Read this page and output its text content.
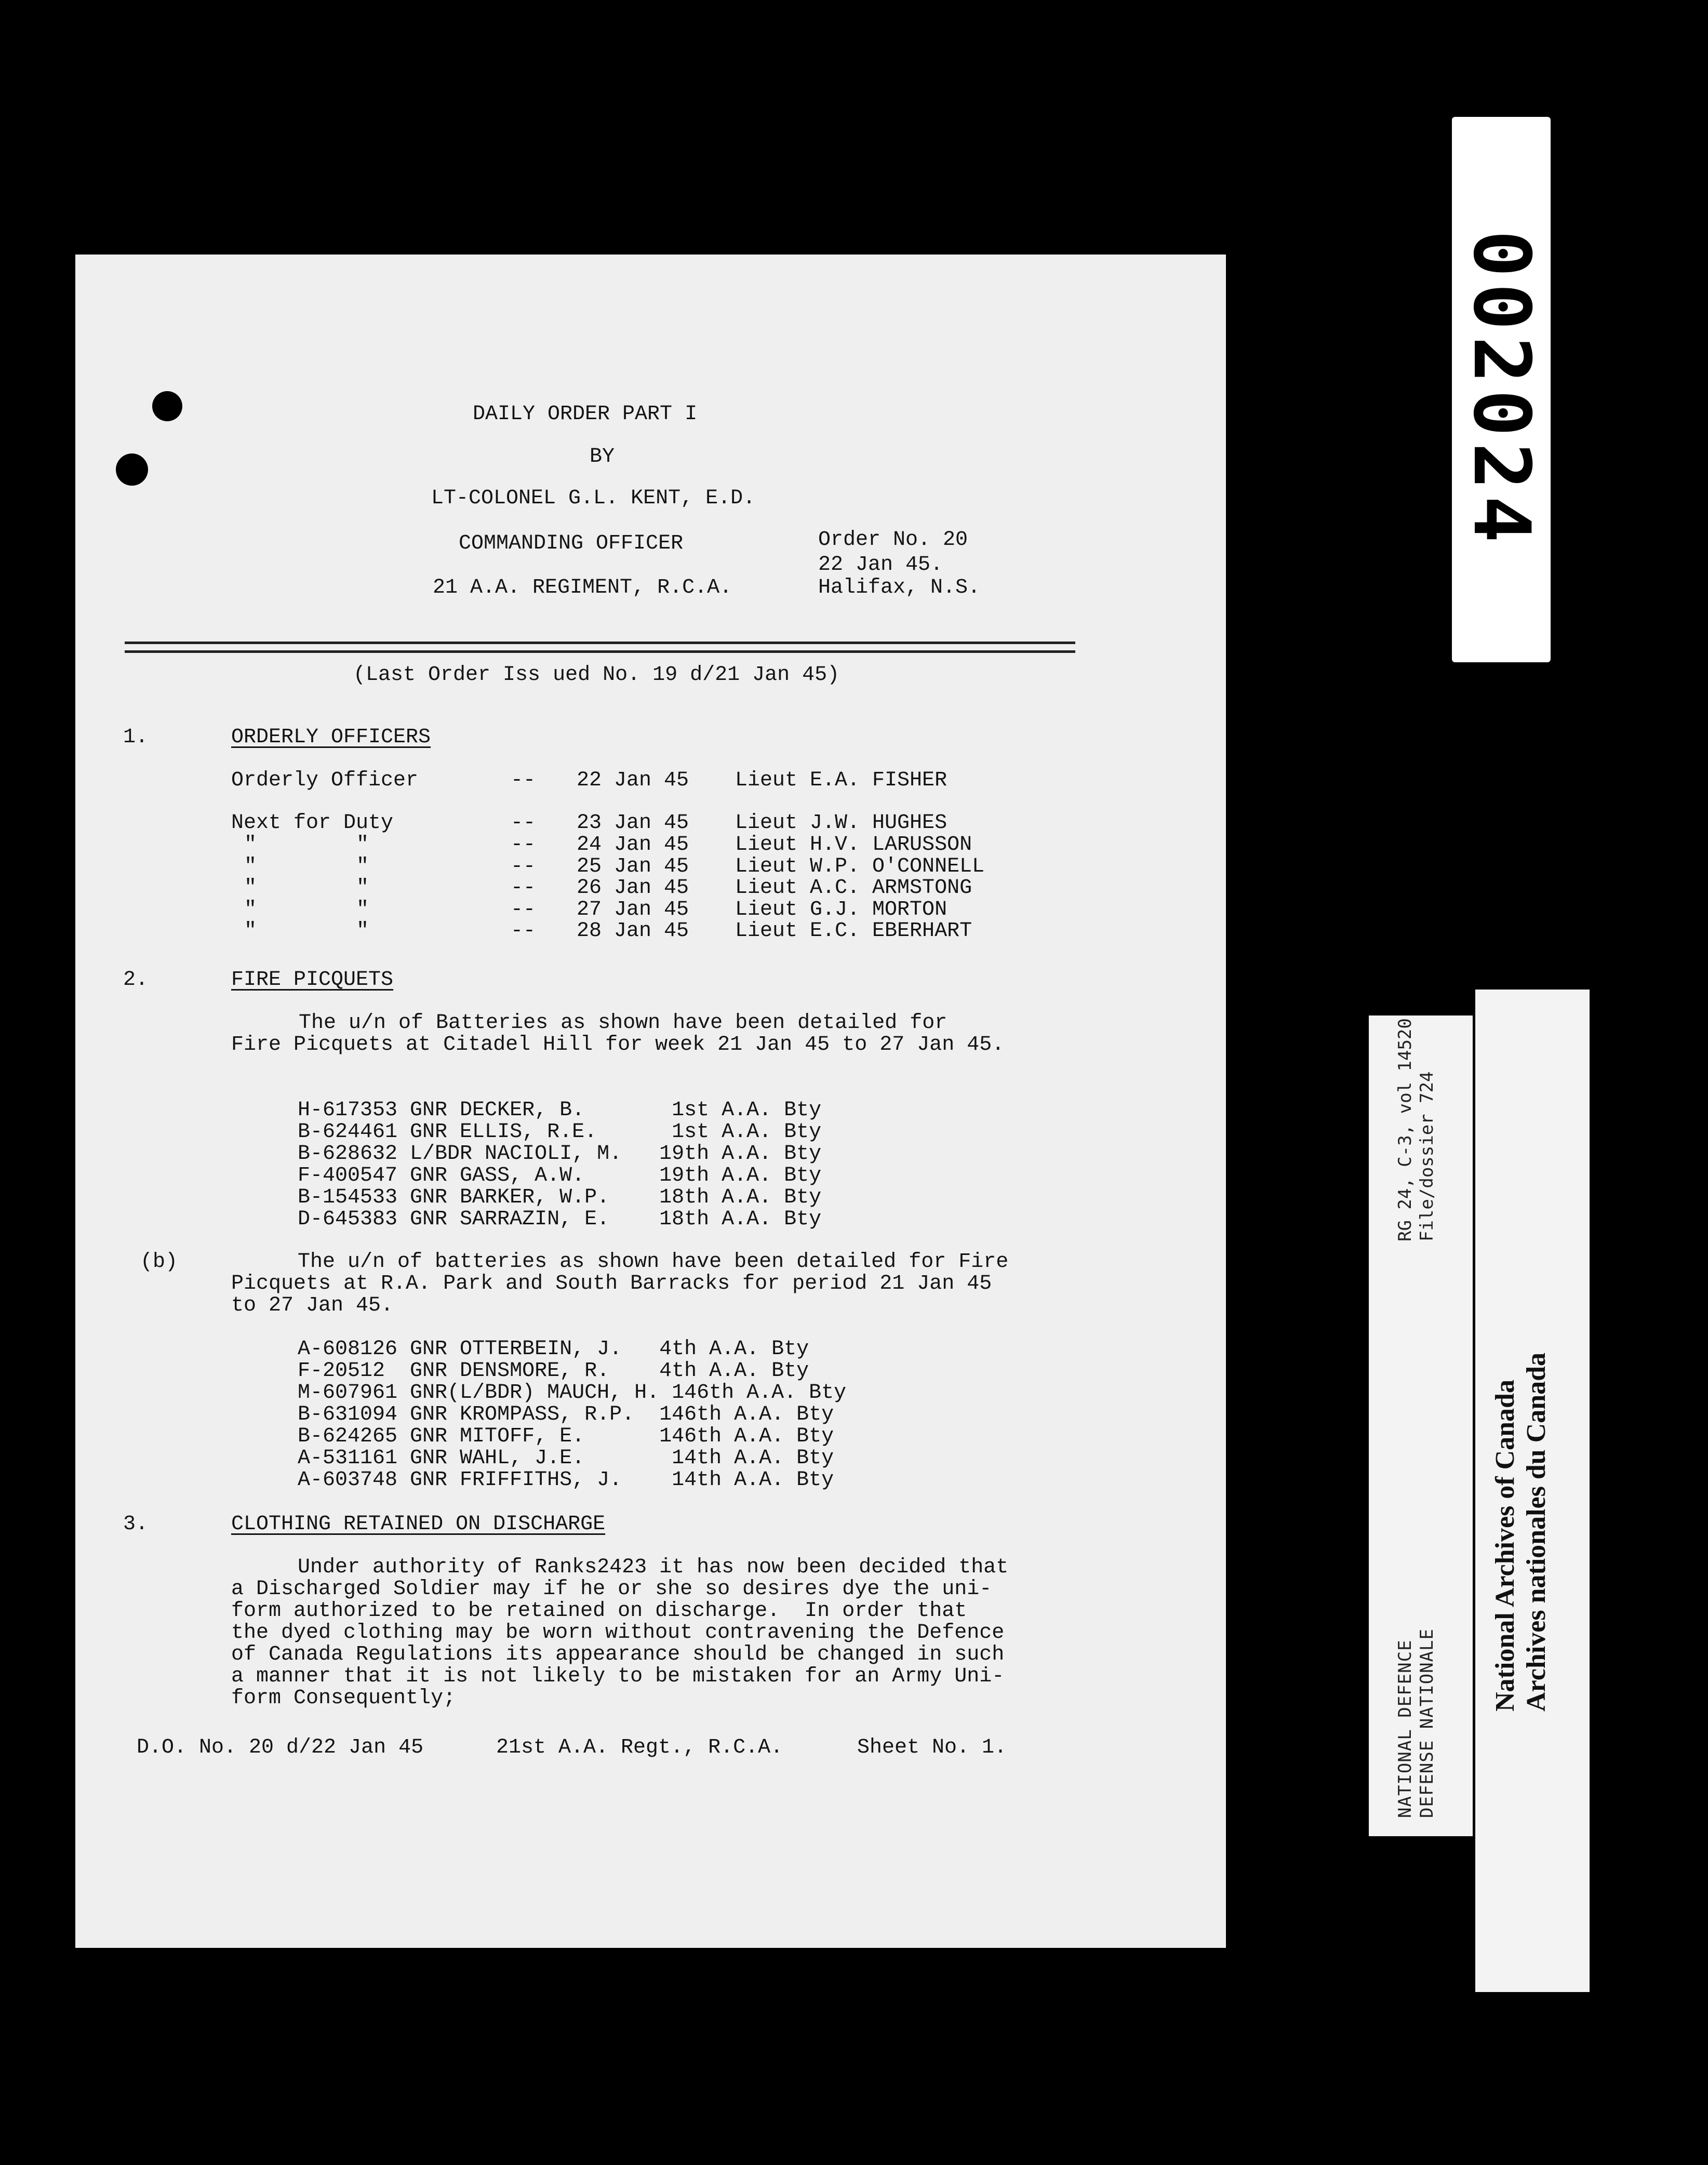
DAILY ORDER PART I
BY
LT-COLONEL G.L. KENT, E.D.
COMMANDING OFFICER	Order No. 20
22 Jan 45.
21 A.A. REGIMENT, R.C.A.	Halifax, N.S.
(Last Order Iss ued No. 19 d/21 Jan 45)
1.	ORDERLY OFFICERS
Orderly Officer	-- 22 Jan 45 Lieut E.A. FISHER
Next for Duty	-- 23 Jan 45 Lieut J.W. HUGHES
"        "	-- 24 Jan 45 Lieut H.V. LARUSSON
"        "	-- 25 Jan 45 Lieut W.P. O'CONNELL
"        "	-- 26 Jan 45 Lieut A.C. ARMSTONG
"        "	-- 27 Jan 45 Lieut G.J. MORTON
"        "	-- 28 Jan 45 Lieut E.C. EBERHART
2.	FIRE PICQUETS
The u/n of Batteries as shown have been detailed for
Fire Picquets at Citadel Hill for week 21 Jan 45 to 27 Jan 45.
H-617353 GNR DECKER, B.       1st A.A. Bty
B-624461 GNR ELLIS, R.E.      1st A.A. Bty
B-628632 L/BDR NACIOLI, M.   19th A.A. Bty
F-400547 GNR GASS, A.W.      19th A.A. Bty
B-154533 GNR BARKER, W.P.    18th A.A. Bty
D-645383 GNR SARRAZIN, E.    18th A.A. Bty
(b)	The u/n of batteries as shown have been detailed for Fire
Picquets at R.A. Park and South Barracks for period 21 Jan 45
to 27 Jan 45.
A-608126 GNR OTTERBEIN, J.   4th A.A. Bty
F-20512  GNR DENSMORE, R.    4th A.A. Bty
M-607961 GNR(L/BDR) MAUCH, H. 146th A.A. Bty
B-631094 GNR KROMPASS, R.P.  146th A.A. Bty
B-624265 GNR MITOFF, E.      146th A.A. Bty
A-531161 GNR WAHL, J.E.       14th A.A. Bty
A-603748 GNR FRIFFITHS, J.    14th A.A. Bty
3.	CLOTHING RETAINED ON DISCHARGE
Under authority of Ranks2423 it has now been decided that
a Discharged Soldier may if he or she so desires dye the uni-
form authorized to be retained on discharge.  In order that
the dyed clothing may be worn without contravening the Defence
of Canada Regulations its appearance should be changed in such
a manner that it is not likely to be mistaken for an Army Uni-
form Consequently;
D.O. No. 20 d/22 Jan 45	21st A.A. Regt., R.C.A.	Sheet No. 1.
002024
RG 24, C-3, vol 14520 File/dossier 724
NATIONAL DEFENCE DEFENSE NATIONALE
National Archives of Canada Archives nationales du Canada
